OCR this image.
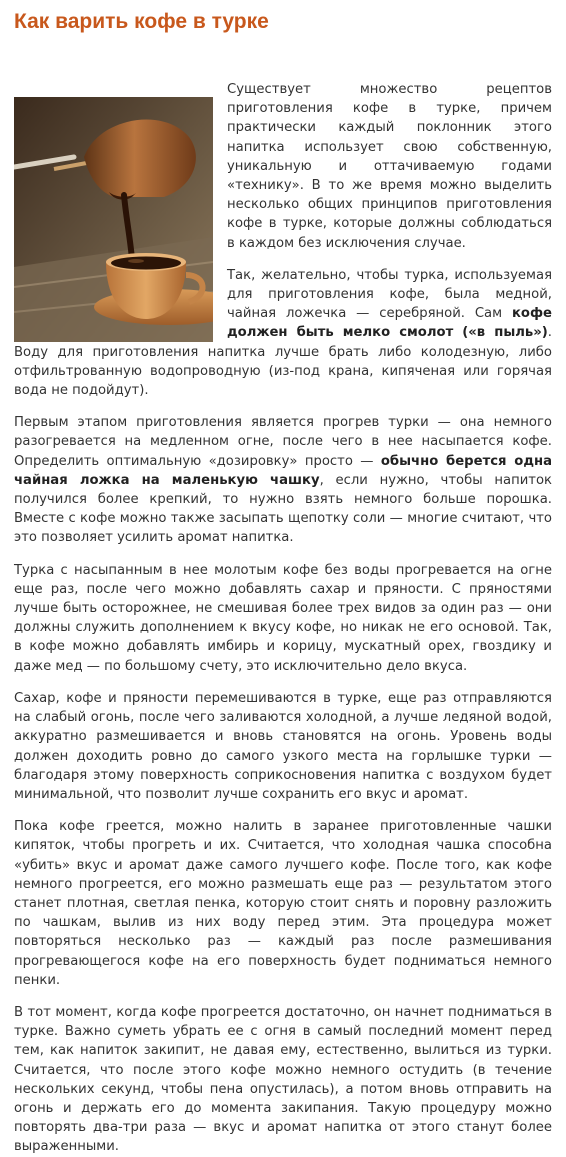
Как варить кофе в турке

Существует множество рецептов приготовления кофе в турке, причем практически каждый поклонник этого напитка использует свою собственную, уникальную и оттачиваемую годами «технику». В то же время можно выделить несколько общих принципов приготовления кофе в турке, которые должны соблюдаться в каждом без исключения случае.

Так, желательно, чтобы турка, используемая для приготовления кофе, была медной, чайная ложечка — серебряной. Сам кофе должен быть мелко смолот («в пыль»). Воду для приготовления напитка лучше брать либо колодезную, либо отфильтрованную водопроводную (из-под крана, кипяченая или горячая вода не подойдут).

Первым этапом приготовления является прогрев турки — она немного разогревается на медленном огне, после чего в нее насыпается кофе. Определить оптимальную «дозировку» просто — обычно берется одна чайная ложка на маленькую чашку, если нужно, чтобы напиток получился более крепкий, то нужно взять немного больше порошка. Вместе с кофе можно также засыпать щепотку соли — многие считают, что это позволяет усилить аромат напитка.

Турка с насыпанным в нее молотым кофе без воды прогревается на огне еще раз, после чего можно добавлять сахар и пряности. С пряностями лучше быть осторожнее, не смешивая более трех видов за один раз — они должны служить дополнением к вкусу кофе, но никак не его основой. Так, в кофе можно добавлять имбирь и корицу, мускатный орех, гвоздику и даже мед — по большому счету, это исключительно дело вкуса.

Сахар, кофе и пряности перемешиваются в турке, еще раз отправляются на слабый огонь, после чего заливаются холодной, а лучше ледяной водой, аккуратно размешивается и вновь становятся на огонь. Уровень воды должен доходить ровно до самого узкого места на горлышке турки — благодаря этому поверхность соприкосновения напитка с воздухом будет минимальной, что позволит лучше сохранить его вкус и аромат.

Пока кофе греется, можно налить в заранее приготовленные чашки кипяток, чтобы прогреть и их. Считается, что холодная чашка способна «убить» вкус и аромат даже самого лучшего кофе. После того, как кофе немного прогреется, его можно размешать еще раз — результатом этого станет плотная, светлая пенка, которую стоит снять и поровну разложить по чашкам, вылив из них воду перед этим. Эта процедура может повторяться несколько раз — каждый раз после размешивания прогревающегося кофе на его поверхность будет подниматься немного пенки.

В тот момент, когда кофе прогреется достаточно, он начнет подниматься в турке. Важно суметь убрать ее с огня в самый последний момент перед тем, как напиток закипит, не давая ему, естественно, вылиться из турки. Считается, что после этого кофе можно немного остудить (в течение нескольких секунд, чтобы пена опустилась), а потом вновь отправить на огонь и держать его до момента закипания. Такую процедуру можно повторять два-три раза — вкус и аромат напитка от этого станут более выраженными.
